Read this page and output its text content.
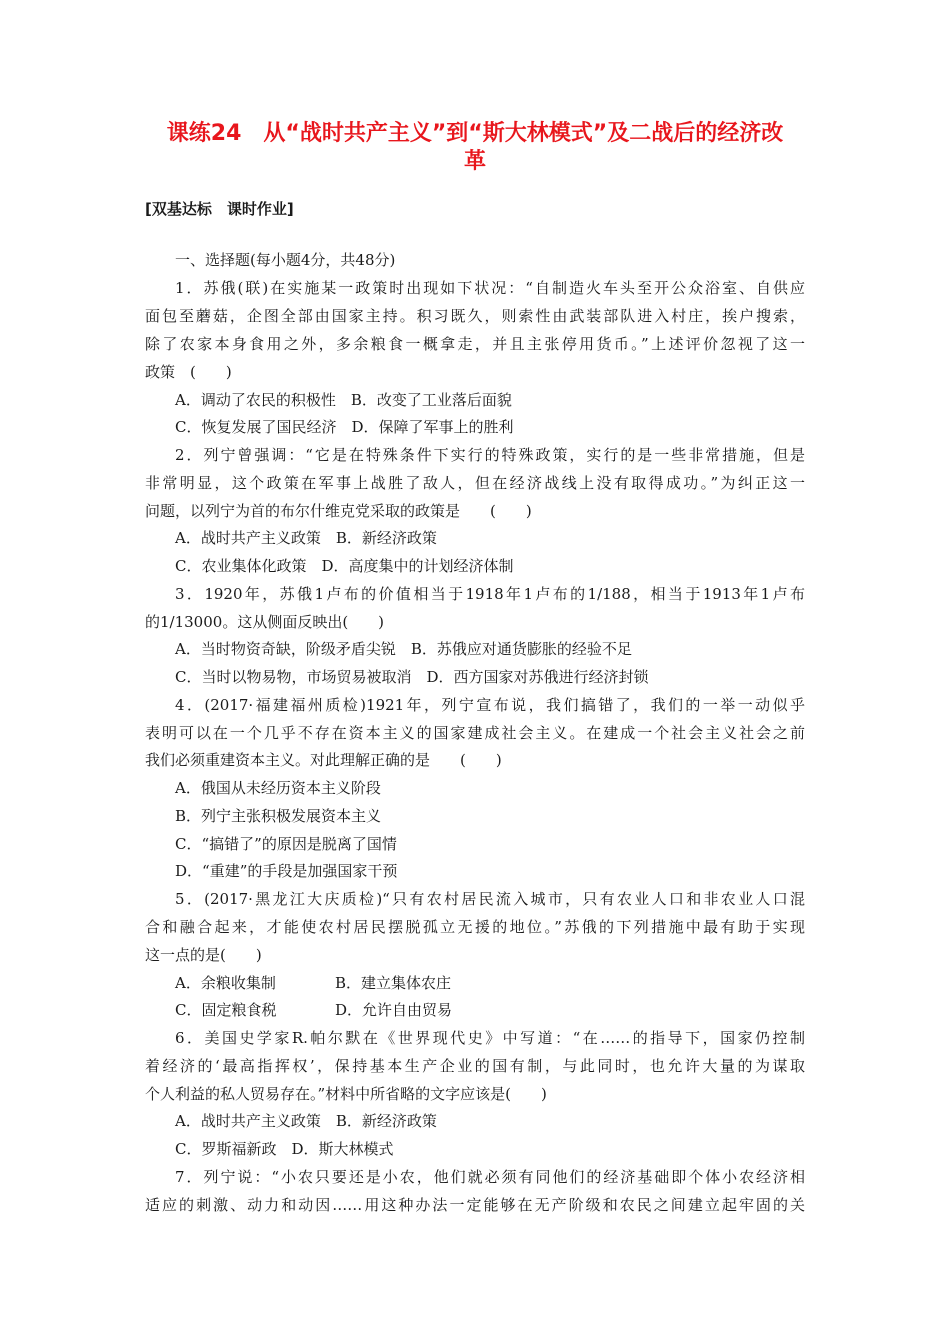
课练24　从“战时共产主义”到“斯大林模式”及二战后的经济改
革
[双基达标　课时作业]
一、选择题(每小题4分，共48分)
1．苏俄(联)在实施某一政策时出现如下状况：“自制造火车头至开公众浴室、自供应
面包至蘑菇，企图全部由国家主持。积习既久，则索性由武装部队进入村庄，挨户搜索，
除了农家本身食用之外，多余粮食一概拿走，并且主张停用货币。”上述评价忽视了这一
政策　(　　)
A．调动了农民的积极性　B．改变了工业落后面貌
C．恢复发展了国民经济　D．保障了军事上的胜利
2．列宁曾强调：“它是在特殊条件下实行的特殊政策，实行的是一些非常措施，但是
非常明显，这个政策在军事上战胜了敌人，但在经济战线上没有取得成功。”为纠正这一
问题，以列宁为首的布尔什维克党采取的政策是　　(　　)
A．战时共产主义政策　B．新经济政策
C．农业集体化政策　D．高度集中的计划经济体制
3．1920年，苏俄1卢布的价值相当于1918年1卢布的1/188，相当于1913年1卢布
的1/13000。这从侧面反映出(　　)
A．当时物资奇缺，阶级矛盾尖锐　B．苏俄应对通货膨胀的经验不足
C．当时以物易物，市场贸易被取消　D．西方国家对苏俄进行经济封锁
4．(2017·福建福州质检)1921年，列宁宣布说，我们搞错了，我们的一举一动似乎
表明可以在一个几乎不存在资本主义的国家建成社会主义。在建成一个社会主义社会之前
我们必须重建资本主义。对此理解正确的是　　(　　)
A．俄国从未经历资本主义阶段
B．列宁主张积极发展资本主义
C．“搞错了”的原因是脱离了国情
D．“重建”的手段是加强国家干预
5．(2017·黑龙江大庆质检)“只有农村居民流入城市，只有农业人口和非农业人口混
合和融合起来，才能使农村居民摆脱孤立无援的地位。”苏俄的下列措施中最有助于实现
这一点的是(　　)
A．余粮收集制	B．建立集体农庄
C．固定粮食税	D．允许自由贸易
6．美国史学家R.帕尔默在《世界现代史》中写道：“在……的指导下，国家仍控制
着经济的‘最高指挥权’，保持基本生产企业的国有制，与此同时，也允许大量的为谋取
个人利益的私人贸易存在。”材料中所省略的文字应该是(　　)
A．战时共产主义政策　B．新经济政策
C．罗斯福新政　D．斯大林模式
7．列宁说：“小农只要还是小农，他们就必须有同他们的经济基础即个体小农经济相
适应的刺激、动力和动因……用这种办法一定能够在无产阶级和农民之间建立起牢固的关
